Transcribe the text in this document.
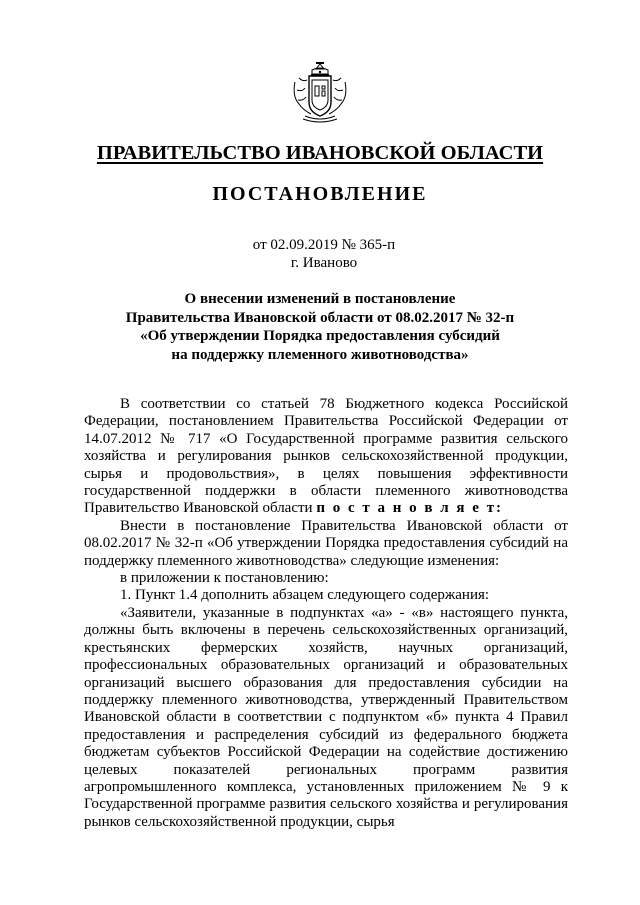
ПРАВИТЕЛЬСТВО ИВАНОВСКОЙ ОБЛАСТИ
ПОСТАНОВЛЕНИЕ
от 02.09.2019 № 365-п
г. Иваново
О внесении изменений в постановление
Правительства Ивановской области от 08.02.2017 № 32-п
«Об утверждении Порядка предоставления субсидий
на поддержку племенного животноводства»

В соответствии со статьей 78 Бюджетного кодекса Российской Федерации, постановлением Правительства Российской Федерации от 14.07.2012 № 717 «О Государственной программе развития сельского хозяйства и регулирования рынков сельскохозяйственной продукции, сырья и продовольствия», в целях повышения эффективности государственной поддержки в области племенного животноводства Правительство Ивановской области п о с т а н о в л я е т:

Внести в постановление Правительства Ивановской области от 08.02.2017 № 32-п «Об утверждении Порядка предоставления субсидий на поддержку племенного животноводства» следующие изменения:

в приложении к постановлению:

1. Пункт 1.4 дополнить абзацем следующего содержания:

«Заявители, указанные в подпунктах «а» - «в» настоящего пункта, должны быть включены в перечень сельскохозяйственных организаций, крестьянских фермерских хозяйств, научных организаций, профессиональных образовательных организаций и образовательных организаций высшего образования для предоставления субсидии на поддержку племенного животноводства, утвержденный Правительством Ивановской области в соответствии с подпунктом «б» пункта 4 Правил предоставления и распределения субсидий из федерального бюджета бюджетам субъектов Российской Федерации на содействие достижению целевых показателей региональных программ развития агропромышленного комплекса, установленных приложением № 9 к Государственной программе развития сельского хозяйства и регулирования рынков сельскохозяйственной продукции, сырья
